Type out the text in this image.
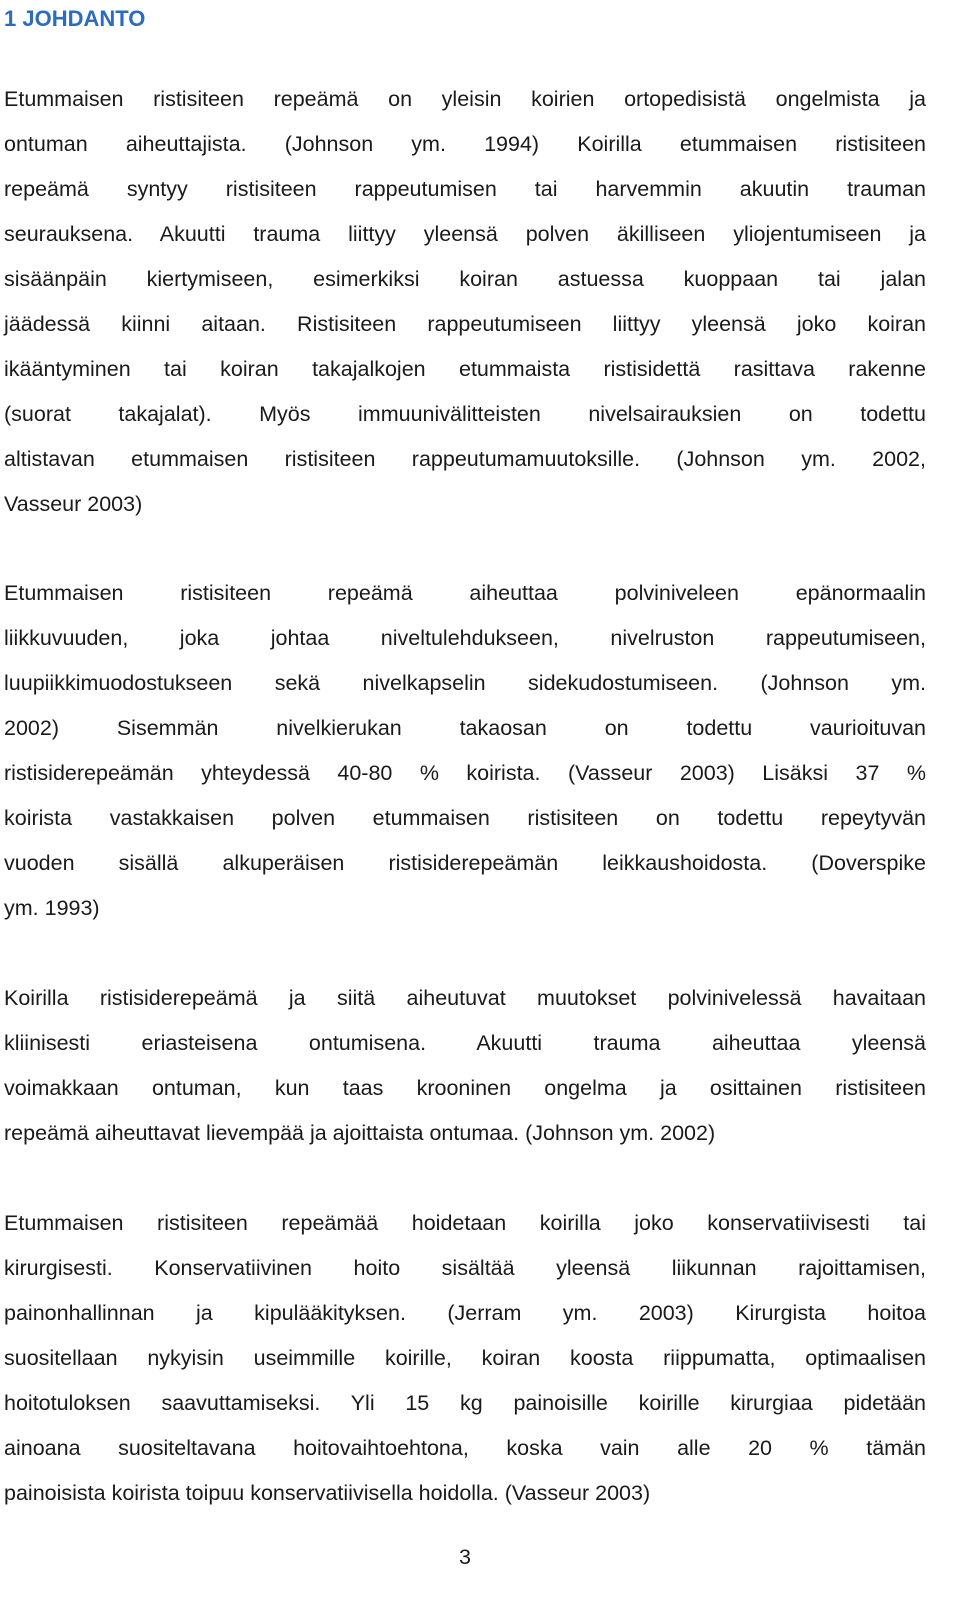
1 JOHDANTO
Etummaisen ristisiteen repeämä on yleisin koirien ortopedisistä ongelmista ja
ontuman aiheuttajista. (Johnson ym. 1994) Koirilla etummaisen ristisiteen
repeämä syntyy ristisiteen rappeutumisen tai harvemmin akuutin trauman
seurauksena. Akuutti trauma liittyy yleensä polven äkilliseen yliojentumiseen ja
sisäänpäin kiertymiseen, esimerkiksi koiran astuessa kuoppaan tai jalan
jäädessä kiinni aitaan. Ristisiteen rappeutumiseen liittyy yleensä joko koiran
ikääntyminen tai koiran takajalkojen etummaista ristisidettä rasittava rakenne
(suorat takajalat). Myös immuunivälitteisten nivelsairauksien on todettu
altistavan etummaisen ristisiteen rappeutumamuutoksille. (Johnson ym. 2002,
Vasseur 2003)
Etummaisen ristisiteen repeämä aiheuttaa polviniveleen epänormaalin
liikkuvuuden, joka johtaa niveltulehdukseen, nivelruston rappeutumiseen,
luupiikkimuodostukseen sekä nivelkapselin sidekudostumiseen. (Johnson ym.
2002) Sisemmän nivelkierukan takaosan on todettu vaurioituvan
ristisiderepeämän yhteydessä 40-80 % koirista. (Vasseur 2003) Lisäksi 37 %
koirista vastakkaisen polven etummaisen ristisiteen on todettu repeytyvän
vuoden sisällä alkuperäisen ristisiderepeämän leikkaushoidosta. (Doverspike
ym. 1993)
Koirilla ristisiderepeämä ja siitä aiheutuvat muutokset polvinivelessä havaitaan
kliinisesti eriasteisena ontumisena. Akuutti trauma aiheuttaa yleensä
voimakkaan ontuman, kun taas krooninen ongelma ja osittainen ristisiteen
repeämä aiheuttavat lievempää ja ajoittaista ontumaa. (Johnson ym. 2002)
Etummaisen ristisiteen repeämää hoidetaan koirilla joko konservatiivisesti tai
kirurgisesti. Konservatiivinen hoito sisältää yleensä liikunnan rajoittamisen,
painonhallinnan ja kipulääkityksen. (Jerram ym. 2003) Kirurgista hoitoa
suositellaan nykyisin useimmille koirille, koiran koosta riippumatta, optimaalisen
hoitotuloksen saavuttamiseksi. Yli 15 kg painoisille koirille kirurgiaa pidetään
ainoana suositeltavana hoitovaihtoehtona, koska vain alle 20 % tämän
painoisista koirista toipuu konservatiivisella hoidolla. (Vasseur 2003)
3
